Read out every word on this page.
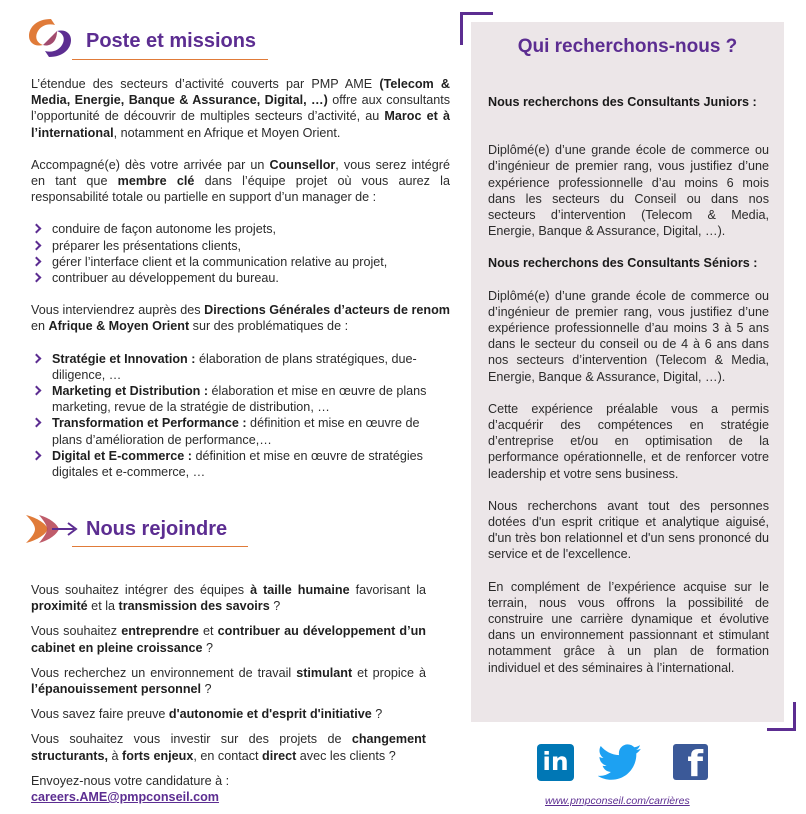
Poste et missions

L’étendue des secteurs d’activité couverts par PMP AME (Telecom & Media, Energie, Banque & Assurance, Digital, …) offre aux consultants l’opportunité de découvrir de multiples secteurs d’activité, au Maroc et à l’international, notamment en Afrique et Moyen Orient.

Accompagné(e) dès votre arrivée par un Counsellor, vous serez intégré en tant que membre clé dans l’équipe projet où vous aurez la responsabilité totale ou partielle en support d’un manager de :

conduire de façon autonome les projets,
préparer les présentations clients,
gérer l’interface client et la communication relative au projet,
contribuer au développement du bureau.

Vous interviendrez auprès des Directions Générales d’acteurs de renom en Afrique & Moyen Orient sur des problématiques de :

Stratégie et Innovation : élaboration de plans stratégiques, due-diligence, …
Marketing et Distribution : élaboration et mise en œuvre de plans marketing, revue de la stratégie de distribution, …
Transformation et Performance : définition et mise en œuvre de plans d’amélioration de performance,…
Digital et E-commerce : définition et mise en œuvre de stratégies digitales et e-commerce, …
Nous rejoindre

Vous souhaitez intégrer des équipes à taille humaine favorisant la proximité et la transmission des savoirs ?

Vous souhaitez entreprendre et contribuer au développement d’un cabinet en pleine croissance ?

Vous recherchez un environnement de travail stimulant et propice à l’épanouissement personnel ?

Vous savez faire preuve d'autonomie et d'esprit d'initiative ?

Vous souhaitez vous investir sur des projets de changement structurants, à forts enjeux, en contact direct avec les clients ?

Envoyez-nous votre candidature à :

careers.AME@pmpconseil.com
Qui recherchons-nous ?

Nous recherchons des Consultants Juniors :

Diplômé(e) d’une grande école de commerce ou d’ingénieur de premier rang, vous justifiez d’une expérience professionnelle d’au moins 6 mois dans les secteurs du Conseil ou dans nos secteurs d’intervention (Telecom & Media, Energie, Banque & Assurance, Digital, …).

Nous recherchons des Consultants Séniors :

Diplômé(e) d’une grande école de commerce ou d’ingénieur de premier rang, vous justifiez d’une expérience professionnelle d’au moins 3 à 5 ans dans le secteur du conseil ou de 4 à 6 ans dans nos secteurs d’intervention (Telecom & Media, Energie, Banque & Assurance, Digital, …).

Cette expérience préalable vous a permis d’acquérir des compétences en stratégie d’entreprise et/ou en optimisation de la performance opérationnelle, et de renforcer votre leadership et votre sens business.

Nous recherchons avant tout des personnes dotées d'un esprit critique et analytique aiguisé, d'un très bon relationnel et d'un sens prononcé du service et de l'excellence.

En complément de l’expérience acquise sur le terrain, nous vous offrons la possibilité de construire une carrière dynamique et évolutive dans un environnement passionnant et stimulant notamment grâce à un plan de formation individuel et des séminaires à l’international.

in	f
www.pmpconseil.com/carrières
